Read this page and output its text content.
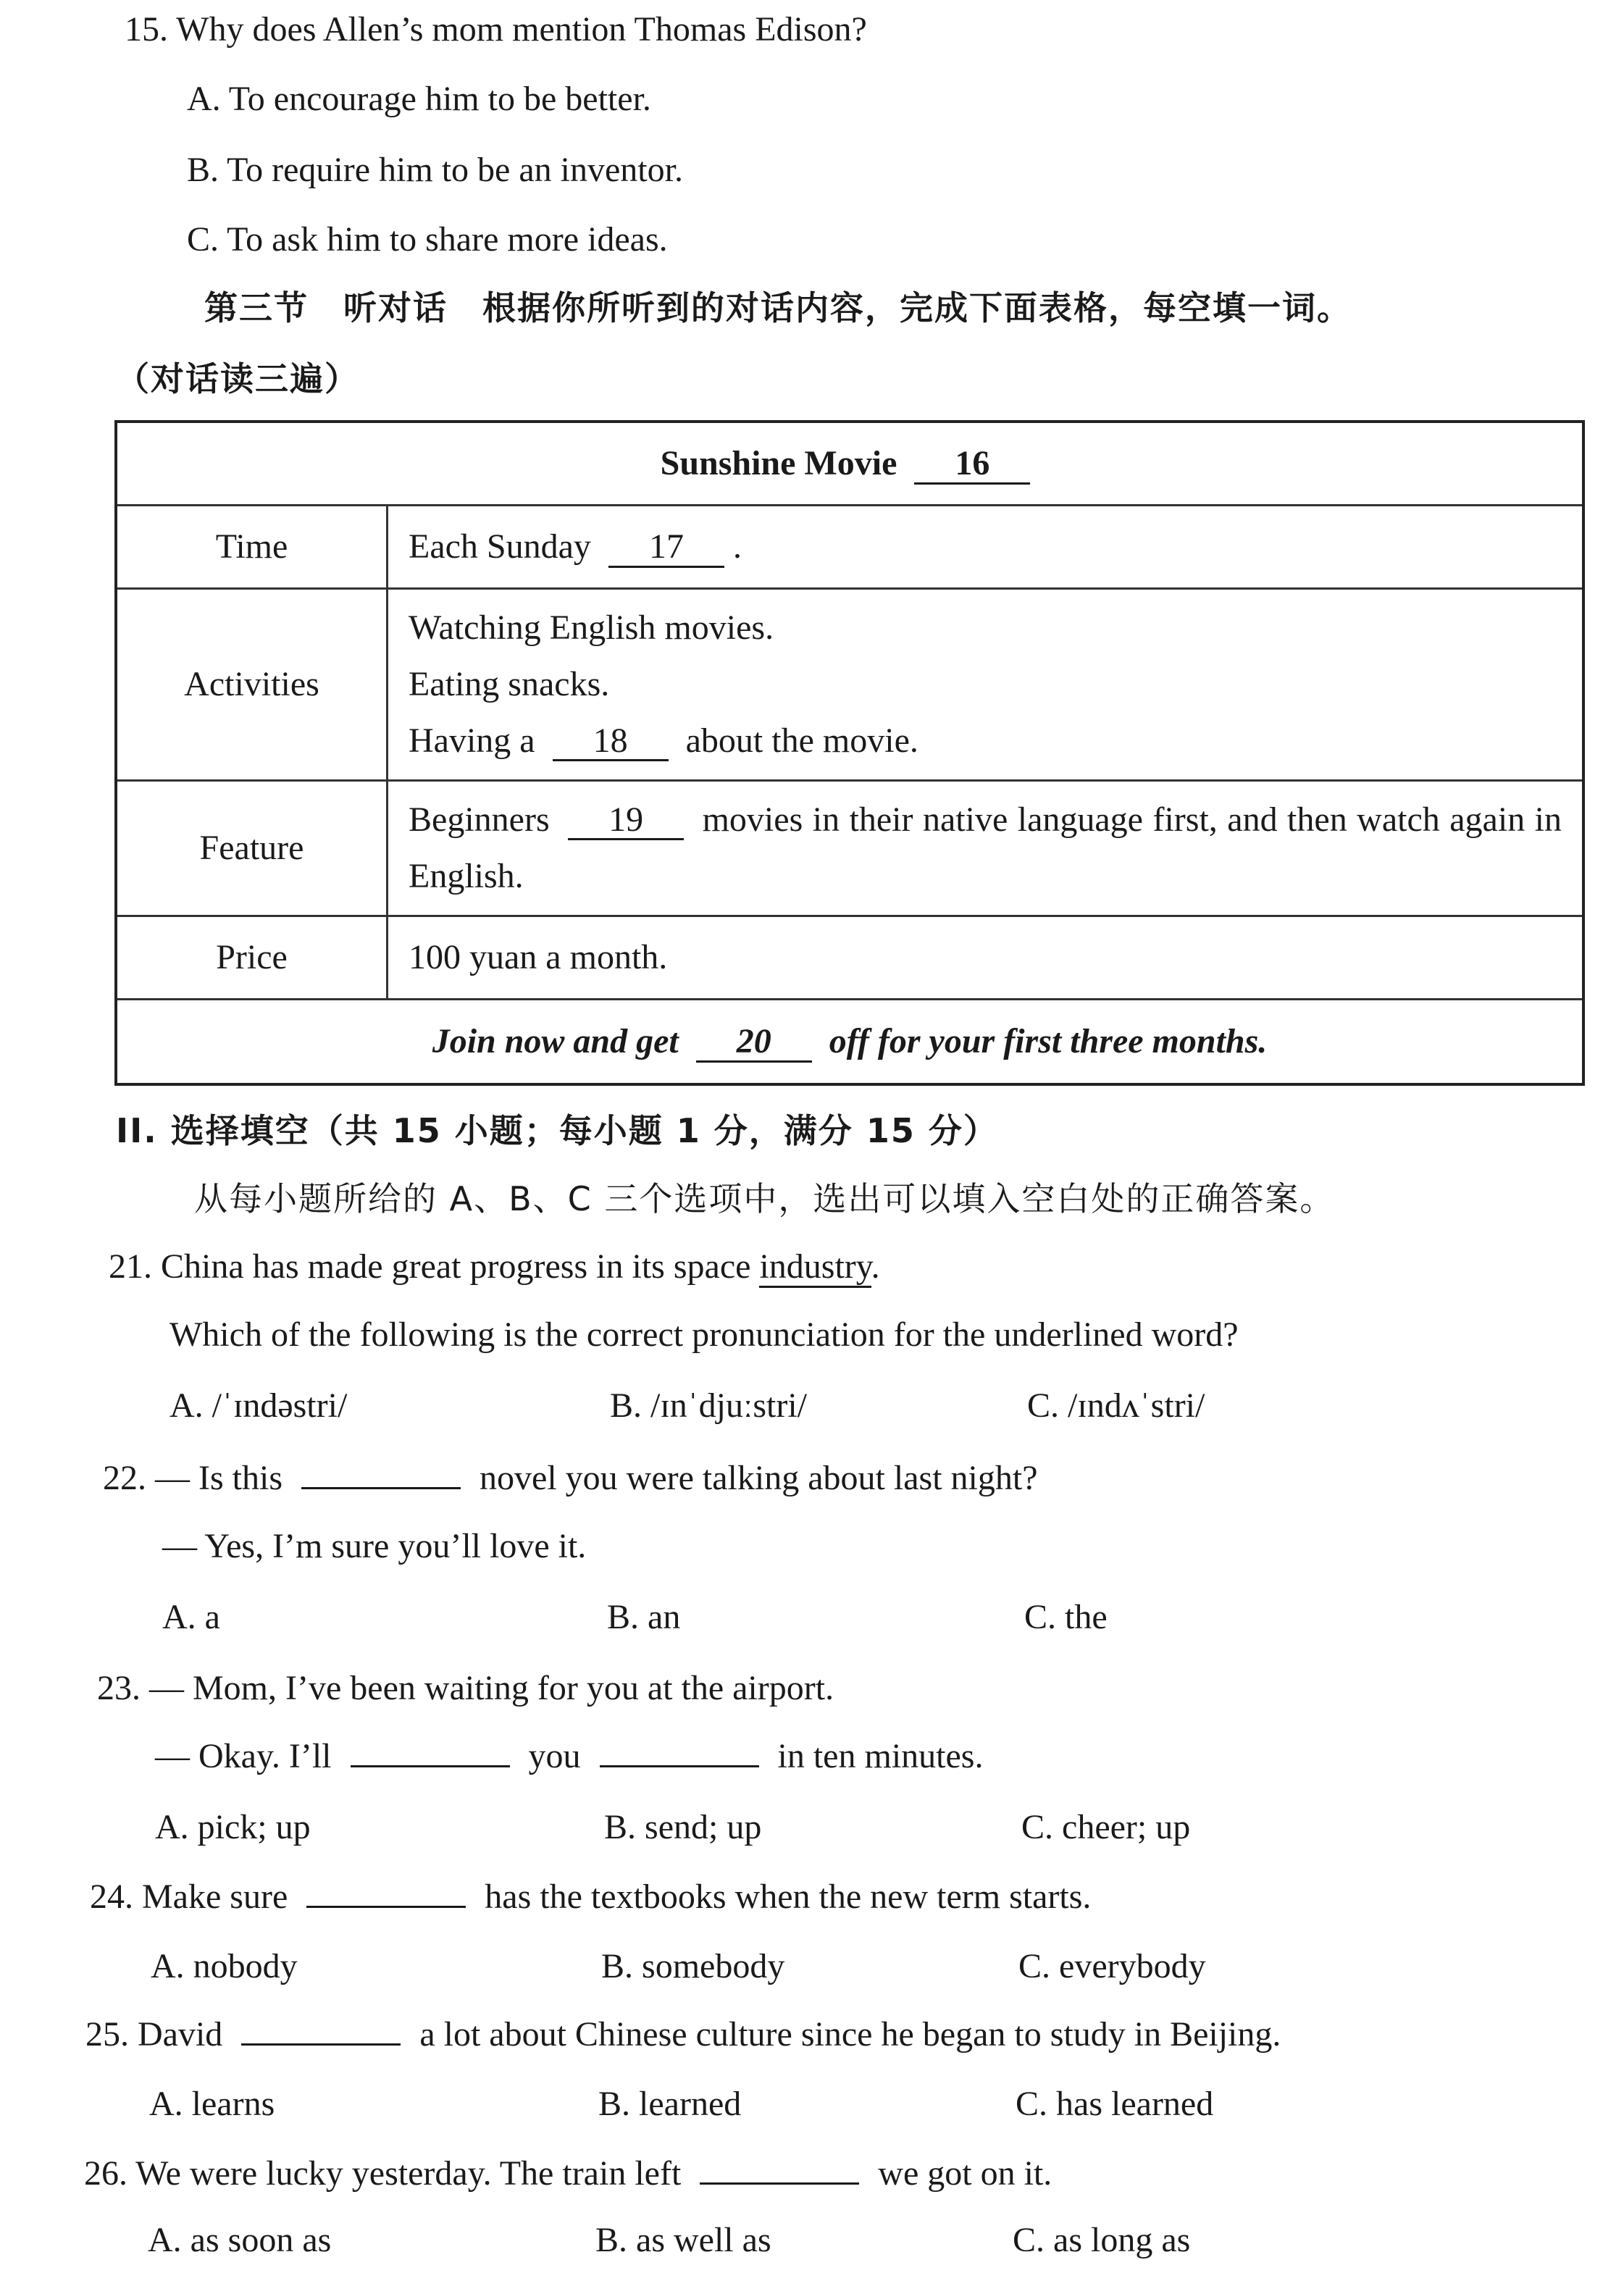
15. Why does Allen’s mom mention Thomas Edison?
A. To encourage him to be better.
B. To require him to be an inventor.
C. To ask him to share more ideas.
第三节　听对话　根据你所听到的对话内容，完成下面表格，每空填一词。
（对话读三遍）
Sunshine Movie 16	
Time	Each Sunday 17 .
Activities	Watching English movies.
Eating snacks.
Having a 18 about the movie.

Feature	Beginners 19 movies in their native language first, and then watch again in English.
Price	100 yuan a month.
Join now and get 20 off for your first three months.	
II. 选择填空（共 15 小题；每小题 1 分，满分 15 分）
从每小题所给的 A、B、C 三个选项中，选出可以填入空白处的正确答案。
21. China has made great progress in its space industry.
Which of the following is the correct pronunciation for the underlined word?
A. /ˈɪndəstri/	B. /ɪnˈdjuːstri/	C. /ɪndʌˈstri/
22. — Is this	novel you were talking about last night?
— Yes, I’m sure you’ll love it.
A. a	B. an	C. the
23. — Mom, I’ve been waiting for you at the airport.
— Okay. I’ll	you	in ten minutes.
A. pick; up	B. send; up	C. cheer; up
24. Make sure	has the textbooks when the new term starts.
A. nobody	B. somebody	C. everybody
25. David	a lot about Chinese culture since he began to study in Beijing.
A. learns	B. learned	C. has learned
26. We were lucky yesterday. The train left	we got on it.
A. as soon as	B. as well as	C. as long as
